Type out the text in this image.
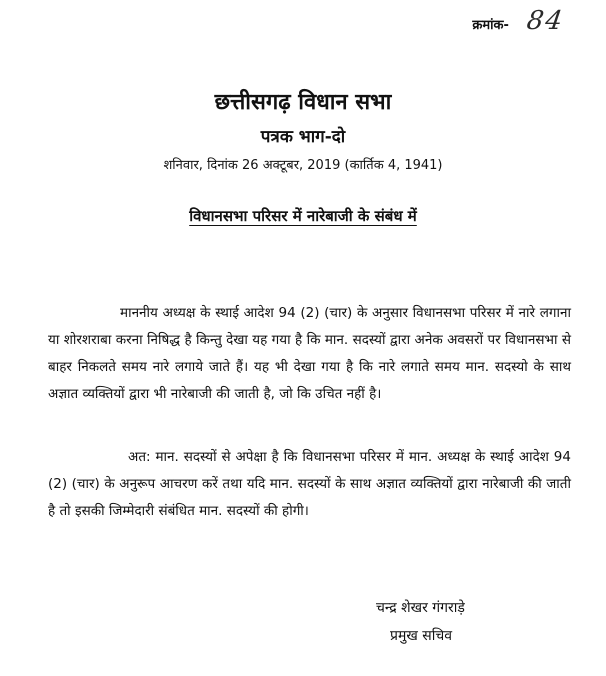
क्रमांक- 84
छत्तीसगढ़ विधान सभा
पत्रक भाग-दो
शनिवार, दिनांक 26 अक्टूबर, 2019 (कार्तिक 4, 1941)
विधानसभा परिसर में नारेबाजी के संबंध में

माननीय अध्यक्ष के स्थाई आदेश 94 (2) (चार) के अनुसार विधानसभा परिसर में नारे लगाना या शोरशराबा करना निषिद्ध है किन्तु देखा यह गया है कि मान. सदस्यों द्वारा अनेक अवसरों पर विधानसभा से बाहर निकलते समय नारे लगाये जाते हैं। यह भी देखा गया है कि नारे लगाते समय मान. सदस्यो के साथ अज्ञात व्यक्तियों द्वारा भी नारेबाजी की जाती है, जो कि उचित नहीं है।

अत: मान. सदस्यों से अपेक्षा है कि विधानसभा परिसर में मान. अध्यक्ष के स्थाई आदेश 94 (2) (चार) के अनुरूप आचरण करें तथा यदि मान. सदस्यों के साथ अज्ञात व्यक्तियों द्वारा नारेबाजी की जाती है तो इसकी जिम्मेदारी संबंधित मान. सदस्यों की होगी।

चन्द्र शेखर गंगराड़े
प्रमुख सचिव
